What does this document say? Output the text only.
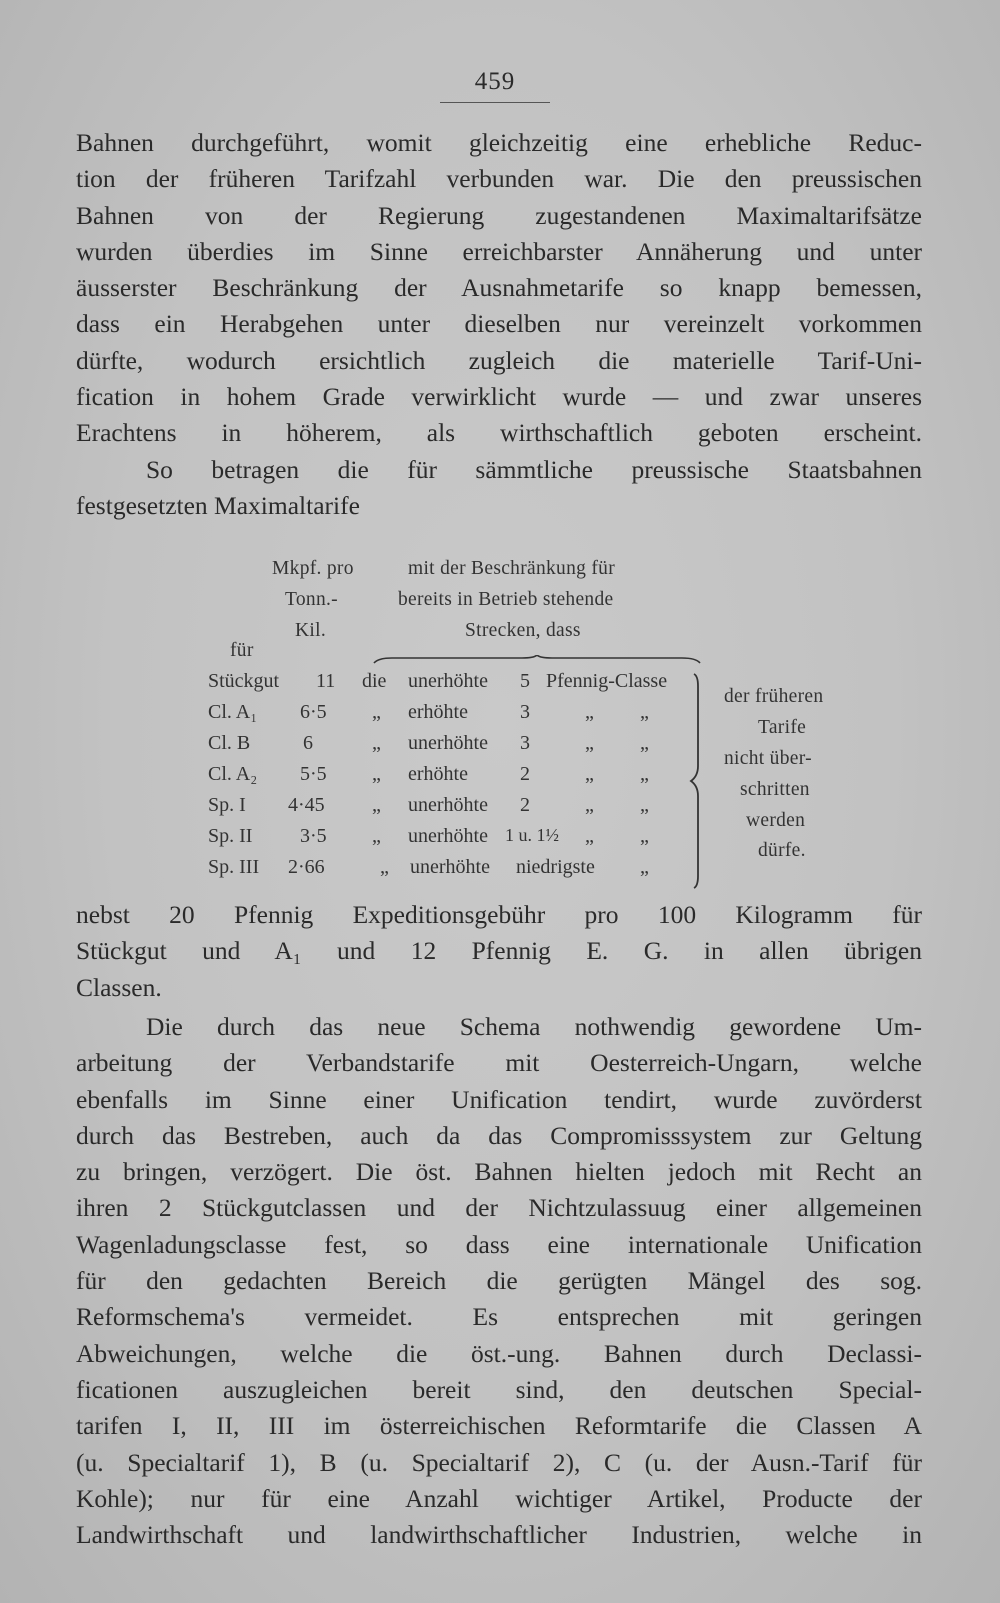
459
Bahnen durchgeführt, womit gleichzeitig eine erhebliche Reduc-
tion der früheren Tarifzahl verbunden war. Die den preussischen
Bahnen von der Regierung zugestandenen Maximaltarifsätze
wurden überdies im Sinne erreichbarster Annäherung und unter
äusserster Beschränkung der Ausnahmetarife so knapp bemessen,
dass ein Herabgehen unter dieselben nur vereinzelt vorkommen
dürfte, wodurch ersichtlich zugleich die materielle Tarif-Uni-
fication in hohem Grade verwirklicht wurde — und zwar unseres
Erachtens in höherem, als wirthschaftlich geboten erscheint.
So betragen die für sämmtliche preussische Staatsbahnen
festgesetzten Maximaltarife
Mkpf. pro
Tonn.-
Kil.
mit der Beschränkung für
bereits in Betrieb stehende
Strecken, dass
für
Stückgut 11 die unerhöhte 5 Pfennig-Classe
Cl. A₁ 6·5 „ erhöhte	3	„ „
Cl. B	6	„ unerhöhte 3	„ „
Cl. A₂ 5·5 „ erhöhte	2	„ „
Sp. I 4·45 „ unerhöhte 2	„ „
Sp. II 3·5 „ unerhöhte 1 u. 1½ „ „
Sp. III 2·66	„ unerhöhte niedrigste „
der früheren
Tarife
nicht über-
schritten
werden
dürfe.
nebst 20 Pfennig Expeditionsgebühr pro 100 Kilogramm für
Stückgut und A₁ und 12 Pfennig E. G. in allen übrigen
Classen.
Die durch das neue Schema nothwendig gewordene Um-
arbeitung der Verbandstarife mit Oesterreich-Ungarn, welche
ebenfalls im Sinne einer Unification tendirt, wurde zuvörderst
durch das Bestreben, auch da das Compromisssystem zur Geltung
zu bringen, verzögert. Die öst. Bahnen hielten jedoch mit Recht an
ihren 2 Stückgutclassen und der Nichtzulassuug einer allgemeinen
Wagenladungsclasse fest, so dass eine internationale Unification
für den gedachten Bereich die gerügten Mängel des sog.
Reformschema's vermeidet. Es entsprechen mit geringen
Abweichungen, welche die öst.-ung. Bahnen durch Declassi-
ficationen auszugleichen bereit sind, den deutschen Special-
tarifen I, II, III im österreichischen Reformtarife die Classen A
(u. Specialtarif 1), B (u. Specialtarif 2), C (u. der Ausn.-Tarif für
Kohle); nur für eine Anzahl wichtiger Artikel, Producte der
Landwirthschaft und landwirthschaftlicher Industrien, welche in
